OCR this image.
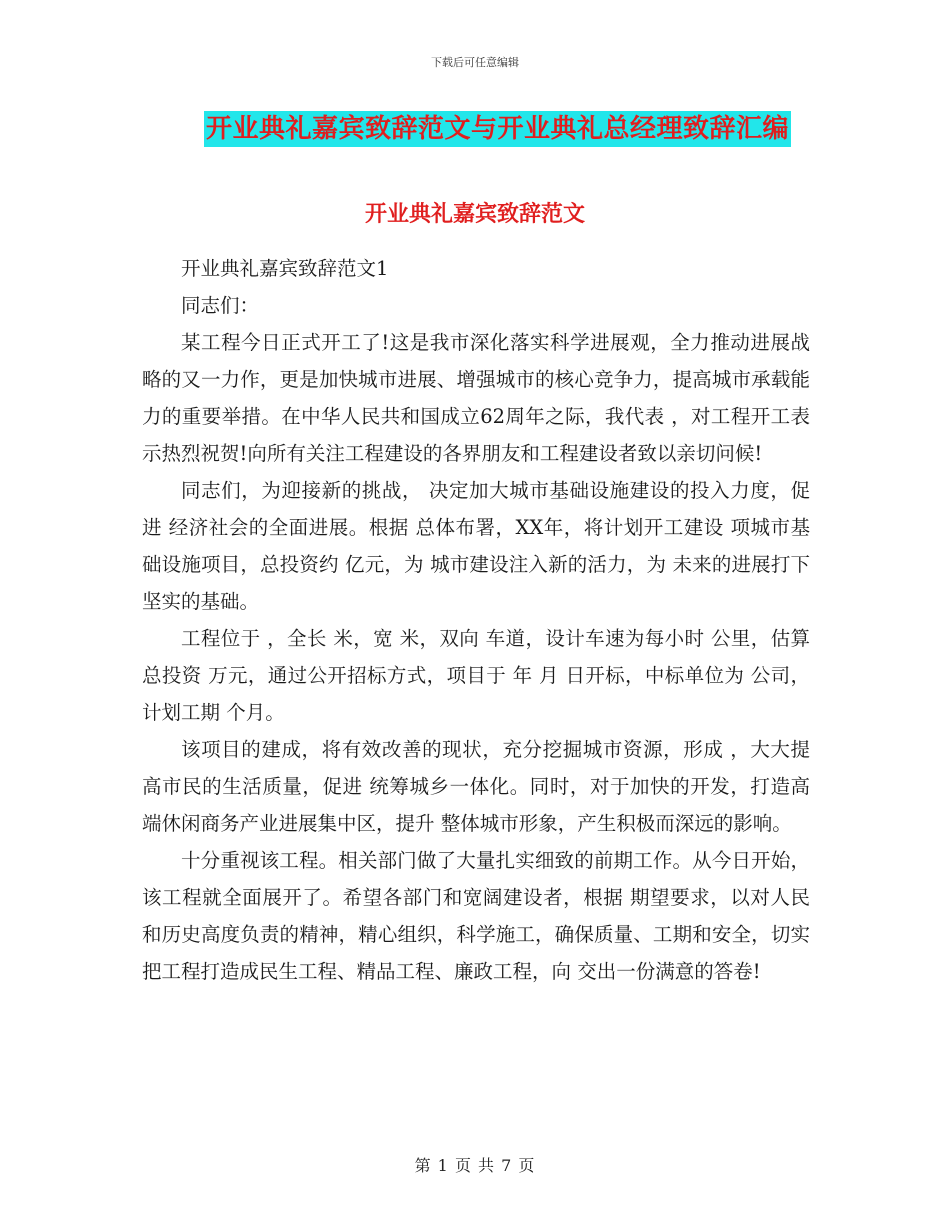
下载后可任意编辑
开业典礼嘉宾致辞范文与开业典礼总经理致辞汇编
开业典礼嘉宾致辞范文

开业典礼嘉宾致辞范文1

同志们：

某工程今日正式开工了!这是我市深化落实科学进展观，全力推动进展战略的又一力作，更是加快城市进展、增强城市的核心竞争力，提高城市承载能力的重要举措。在中华人民共和国成立62周年之际，我代表 ，对工程开工表示热烈祝贺!向所有关注工程建设的各界朋友和工程建设者致以亲切问候!

同志们，为迎接新的挑战， 决定加大城市基础设施建设的投入力度，促进 经济社会的全面进展。根据 总体布署，XX年，将计划开工建设 项城市基础设施项目，总投资约 亿元，为 城市建设注入新的活力，为 未来的进展打下坚实的基础。

工程位于 ，全长 米，宽 米，双向 车道，设计车速为每小时 公里，估算总投资 万元，通过公开招标方式，项目于 年 月 日开标，中标单位为 公司，计划工期 个月。

该项目的建成，将有效改善的现状，充分挖掘城市资源，形成 ，大大提高市民的生活质量，促进 统筹城乡一体化。同时，对于加快的开发，打造高端休闲商务产业进展集中区，提升 整体城市形象，产生积极而深远的影响。

十分重视该工程。相关部门做了大量扎实细致的前期工作。从今日开始，该工程就全面展开了。希望各部门和宽阔建设者，根据 期望要求，以对人民和历史高度负责的精神，精心组织，科学施工，确保质量、工期和安全，切实把工程打造成民生工程、精品工程、廉政工程，向 交出一份满意的答卷!

第 1 页 共 7 页
